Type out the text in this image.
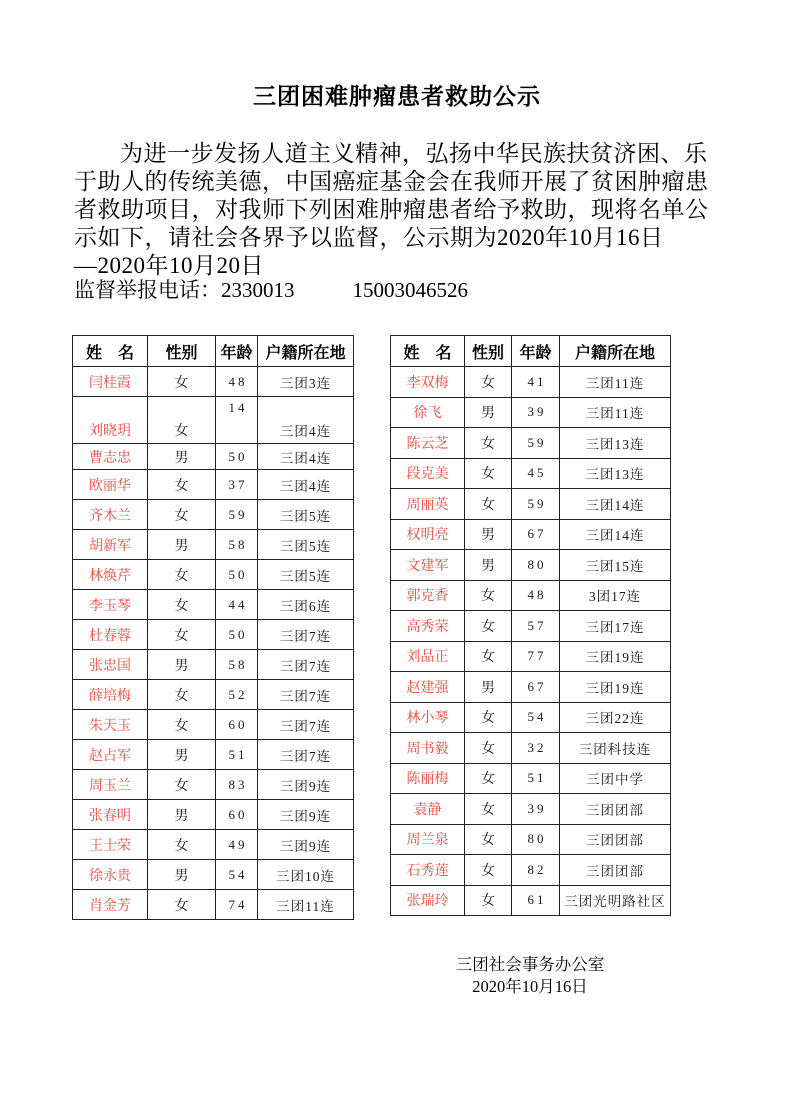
三团困难肿瘤患者救助公示
为进一步发扬人道主义精神，弘扬中华民族扶贫济困、乐
于助人的传统美德，中国癌症基金会在我师开展了贫困肿瘤患
者救助项目，对我师下列困难肿瘤患者给予救助，现将名单公
示如下，请社会各界予以监督，公示期为2020年10月16日
—2020年10月20日
监督举报电话：2330013	15003046526
姓　名	性别	年龄	户籍所在地
闫桂霞	女	48	三团3连
刘晓玥	女	14	三团4连
曹志忠	男	50	三团4连
欧丽华	女	37	三团4连
齐木兰	女	59	三团5连
胡新军	男	58	三团5连
林焕芹	女	50	三团5连
李玉琴	女	44	三团6连
杜春蓉	女	50	三团7连
张忠国	男	58	三团7连
薛培梅	女	52	三团7连
朱天玉	女	60	三团7连
赵占军	男	51	三团7连
周玉兰	女	83	三团9连
张春明	男	60	三团9连
王士荣	女	49	三团9连
徐永贵	男	54	三团10连
肖金芳	女	74	三团11连
姓　名	性别	年龄	户籍所在地
李双梅	女	41	三团11连
徐飞	男	39	三团11连
陈云芝	女	59	三团13连
段克美	女	45	三团13连
周丽英	女	59	三团14连
权明亮	男	67	三团14连
文建军	男	80	三团15连
郭克香	女	48	3团17连
高秀荣	女	57	三团17连
刘品正	女	77	三团19连
赵建强	男	67	三团19连
林小琴	女	54	三团22连
周书毅	女	32	三团科技连
陈丽梅	女	51	三团中学
袁静	女	39	三团团部
周兰泉	女	80	三团团部
石秀莲	女	82	三团团部
张瑞玲	女	61	三团光明路社区
三团社会事务办公室
2020年10月16日
